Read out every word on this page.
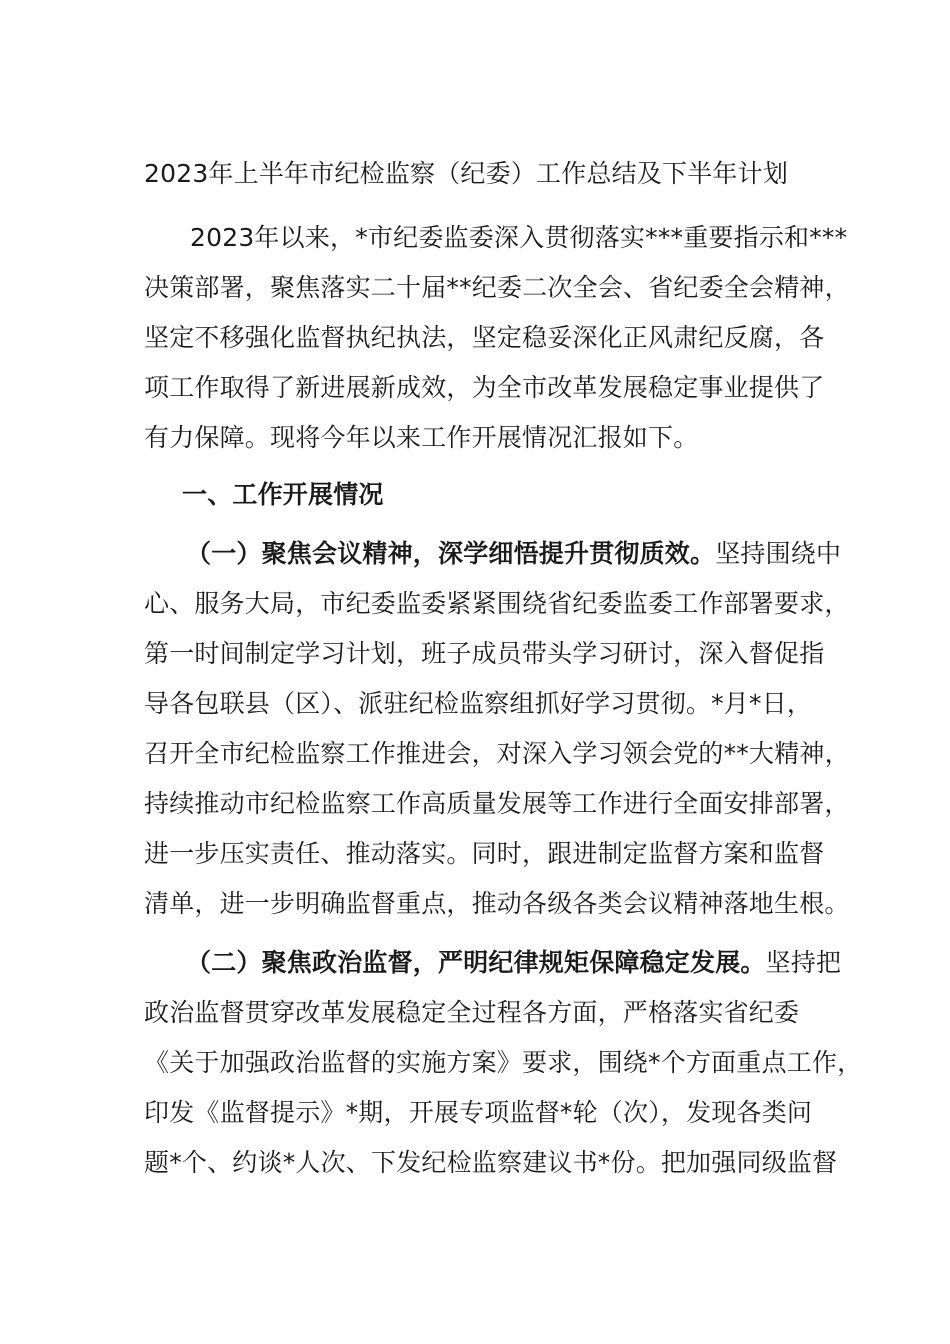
2023年上半年市纪检监察（纪委）工作总结及下半年计划
2023年以来，*市纪委监委深入贯彻落实***重要指示和***
决策部署，聚焦落实二十届**纪委二次全会、省纪委全会精神，
坚定不移强化监督执纪执法，坚定稳妥深化正风肃纪反腐，各
项工作取得了新进展新成效，为全市改革发展稳定事业提供了
有力保障。现将今年以来工作开展情况汇报如下。
一、工作开展情况
（一）聚焦会议精神，深学细悟提升贯彻质效。坚持围绕中
心、服务大局，市纪委监委紧紧围绕省纪委监委工作部署要求，
第一时间制定学习计划，班子成员带头学习研讨，深入督促指
导各包联县（区）、派驻纪检监察组抓好学习贯彻。*月*日，
召开全市纪检监察工作推进会，对深入学习领会党的**大精神，
持续推动市纪检监察工作高质量发展等工作进行全面安排部署，
进一步压实责任、推动落实。同时，跟进制定监督方案和监督
清单，进一步明确监督重点，推动各级各类会议精神落地生根。
（二）聚焦政治监督，严明纪律规矩保障稳定发展。坚持把
政治监督贯穿改革发展稳定全过程各方面，严格落实省纪委
《关于加强政治监督的实施方案》要求，围绕*个方面重点工作，
印发《监督提示》*期，开展专项监督*轮（次），发现各类问
题*个、约谈*人次、下发纪检监察建议书*份。把加强同级监督
